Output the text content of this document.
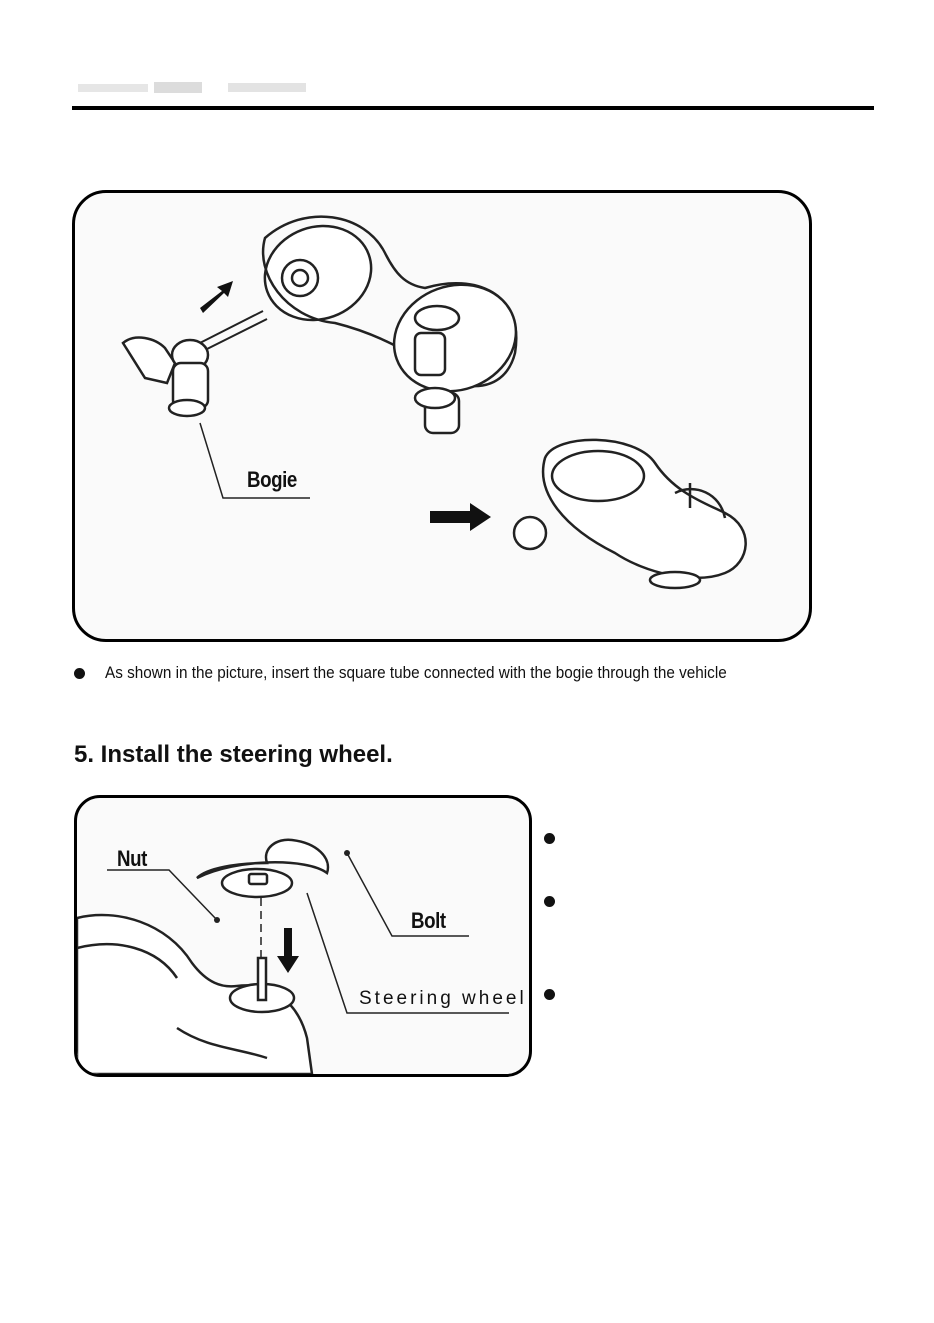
Bogie
As shown in the picture, insert the square tube connected with the bogie through the vehicle
5. Install the steering wheel.
Nut
Bolt
Steering wheel
